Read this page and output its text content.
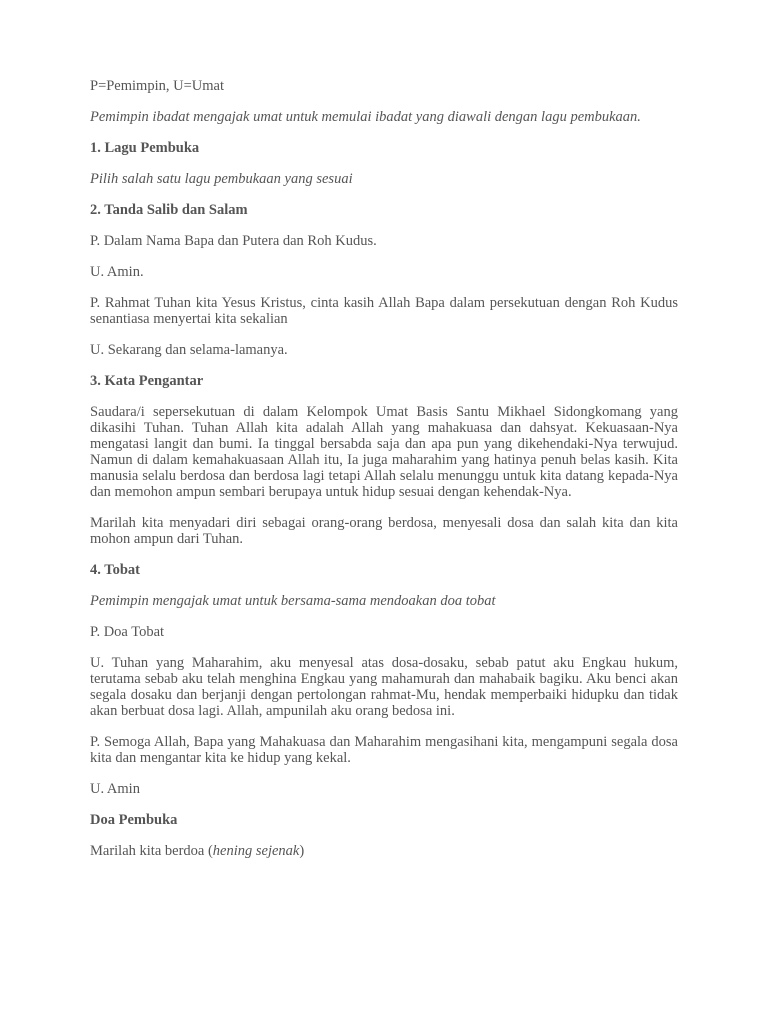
P=Pemimpin, U=Umat

Pemimpin ibadat mengajak umat untuk memulai ibadat yang diawali dengan lagu pembukaan.

1. Lagu Pembuka

Pilih salah satu lagu pembukaan yang sesuai

2. Tanda Salib dan Salam

P. Dalam Nama Bapa dan Putera dan Roh Kudus.

U. Amin.

P. Rahmat Tuhan kita Yesus Kristus, cinta kasih Allah Bapa dalam persekutuan dengan Roh Kudus senantiasa menyertai kita sekalian

U. Sekarang dan selama-lamanya.

3. Kata Pengantar

Saudara/i sepersekutuan di dalam Kelompok Umat Basis Santu Mikhael Sidongkomang yang dikasihi Tuhan. Tuhan Allah kita adalah Allah yang mahakuasa dan dahsyat. Kekuasaan-Nya mengatasi langit dan bumi. Ia tinggal bersabda saja dan apa pun yang dikehendaki-Nya terwujud. Namun di dalam kemahakuasaan Allah itu, Ia juga maharahim yang hatinya penuh belas kasih. Kita manusia selalu berdosa dan berdosa lagi tetapi Allah selalu menunggu untuk kita datang kepada-Nya dan memohon ampun sembari berupaya untuk hidup sesuai dengan kehendak-Nya.

Marilah kita menyadari diri sebagai orang-orang berdosa, menyesali dosa dan salah kita dan kita mohon ampun dari Tuhan.

4. Tobat

Pemimpin mengajak umat untuk bersama-sama mendoakan doa tobat

P. Doa Tobat

U. Tuhan yang Maharahim, aku menyesal atas dosa-dosaku, sebab patut aku Engkau hukum, terutama sebab aku telah menghina Engkau yang mahamurah dan mahabaik bagiku. Aku benci akan segala dosaku dan berjanji dengan pertolongan rahmat-Mu, hendak memperbaiki hidupku dan tidak akan berbuat dosa lagi. Allah, ampunilah aku orang bedosa ini.

P. Semoga Allah, Bapa yang Mahakuasa dan Maharahim mengasihani kita, mengampuni segala dosa kita dan mengantar kita ke hidup yang kekal.

U. Amin

Doa Pembuka

Marilah kita berdoa (hening sejenak)
